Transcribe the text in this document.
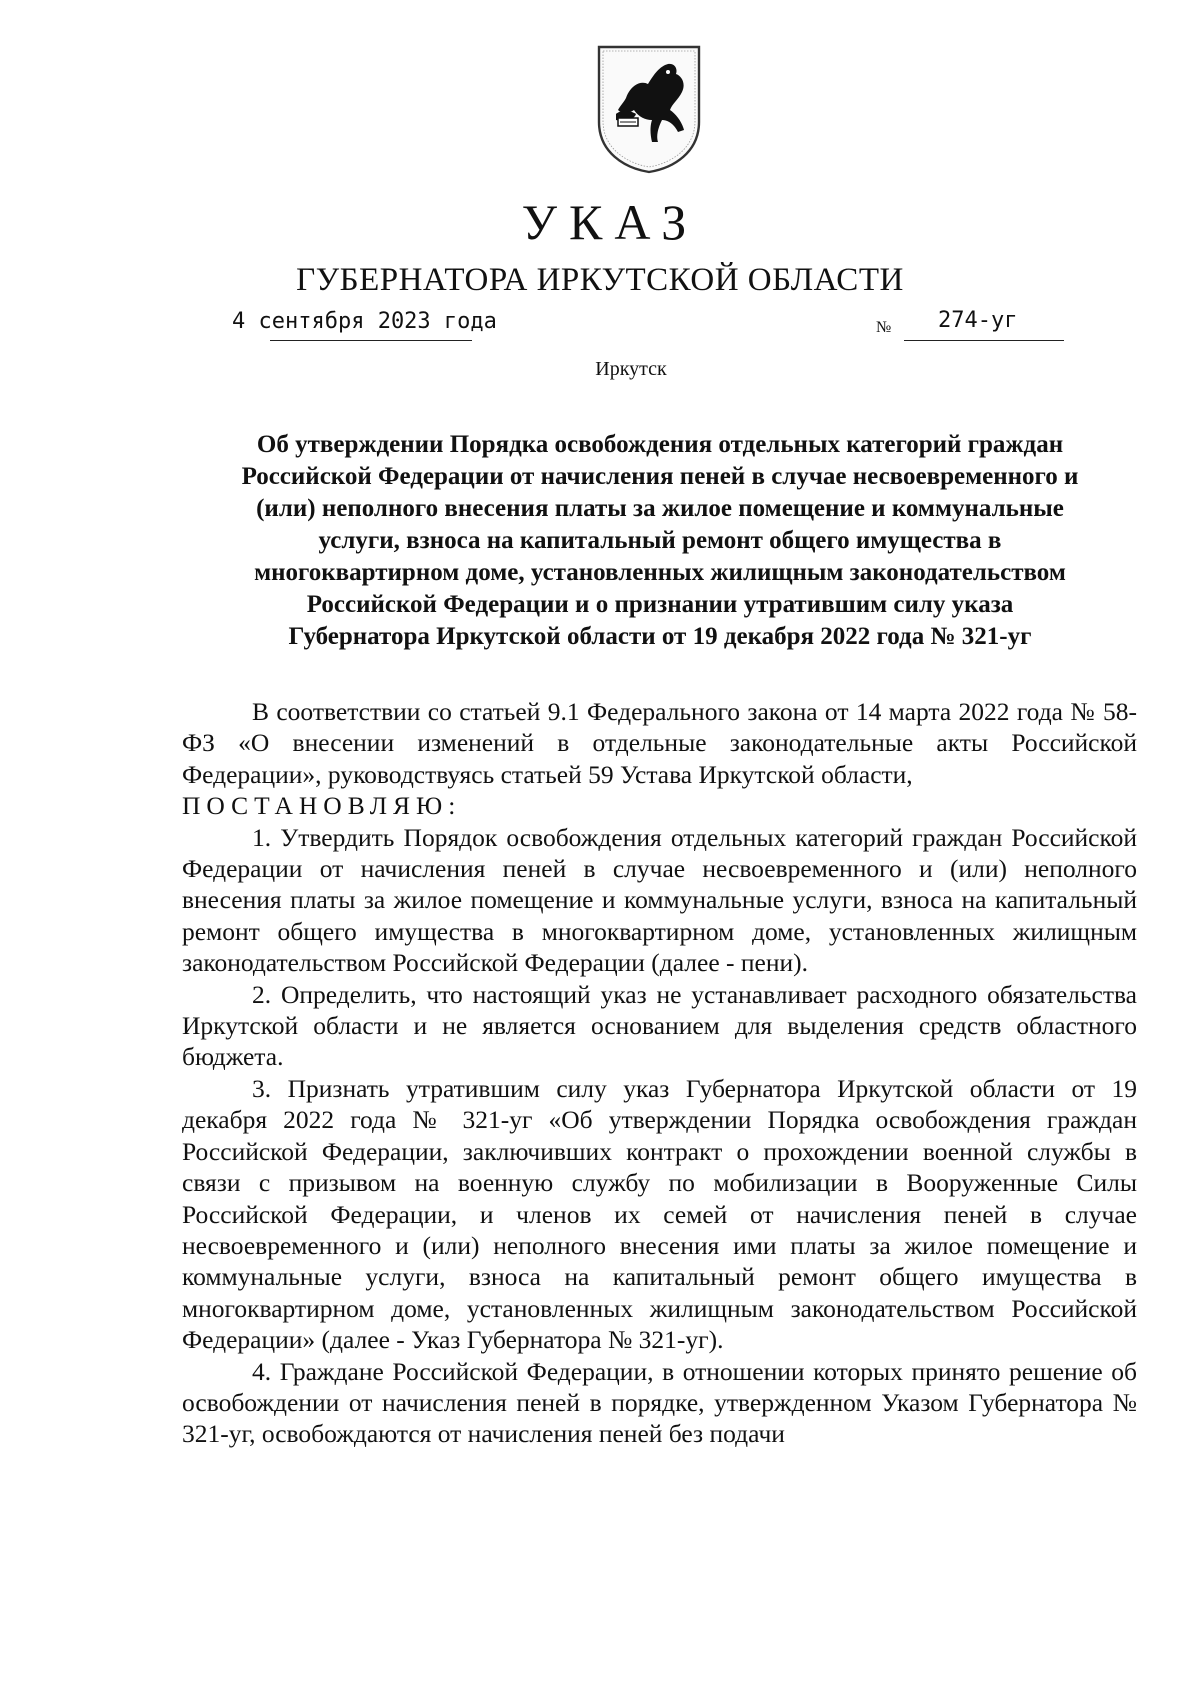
УКАЗ
ГУБЕРНАТОРА ИРКУТСКОЙ ОБЛАСТИ
4 сентября 2023 года	№ 274-уг
Иркутск
Об утверждении Порядка освобождения отдельных категорий граждан
Российской Федерации от начисления пеней в случае несвоевременного и
(или) неполного внесения платы за жилое помещение и коммунальные
услуги, взноса на капитальный ремонт общего имущества в
многоквартирном доме, установленных жилищным законодательством
Российской Федерации и о признании утратившим силу указа
Губернатора Иркутской области от 19 декабря 2022 года № 321-уг

В соответствии со статьей 9.1 Федерального закона от 14 марта 2022 года № 58-ФЗ «О внесении изменений в отдельные законодательные акты Российской Федерации», руководствуясь статьей 59 Устава Иркутской области,

ПОСТАНОВЛЯЮ:

1. Утвердить Порядок освобождения отдельных категорий граждан Российской Федерации от начисления пеней в случае несвоевременного и (или) неполного внесения платы за жилое помещение и коммунальные услуги, взноса на капитальный ремонт общего имущества в многоквартирном доме, установленных жилищным законодательством Российской Федерации (далее - пени).

2. Определить, что настоящий указ не устанавливает расходного обязательства Иркутской области и не является основанием для выделения средств областного бюджета.

3. Признать утратившим силу указ Губернатора Иркутской области от 19 декабря 2022 года № 321-уг «Об утверждении Порядка освобождения граждан Российской Федерации, заключивших контракт о прохождении военной службы в связи с призывом на военную службу по мобилизации в Вооруженные Силы Российской Федерации, и членов их семей от начисления пеней в случае несвоевременного и (или) неполного внесения ими платы за жилое помещение и коммунальные услуги, взноса на капитальный ремонт общего имущества в многоквартирном доме, установленных жилищным законодательством Российской Федерации» (далее - Указ Губернатора № 321-уг).

4. Граждане Российской Федерации, в отношении которых принято решение об освобождении от начисления пеней в порядке, утвержденном Указом Губернатора № 321-уг, освобождаются от начисления пеней без подачи
